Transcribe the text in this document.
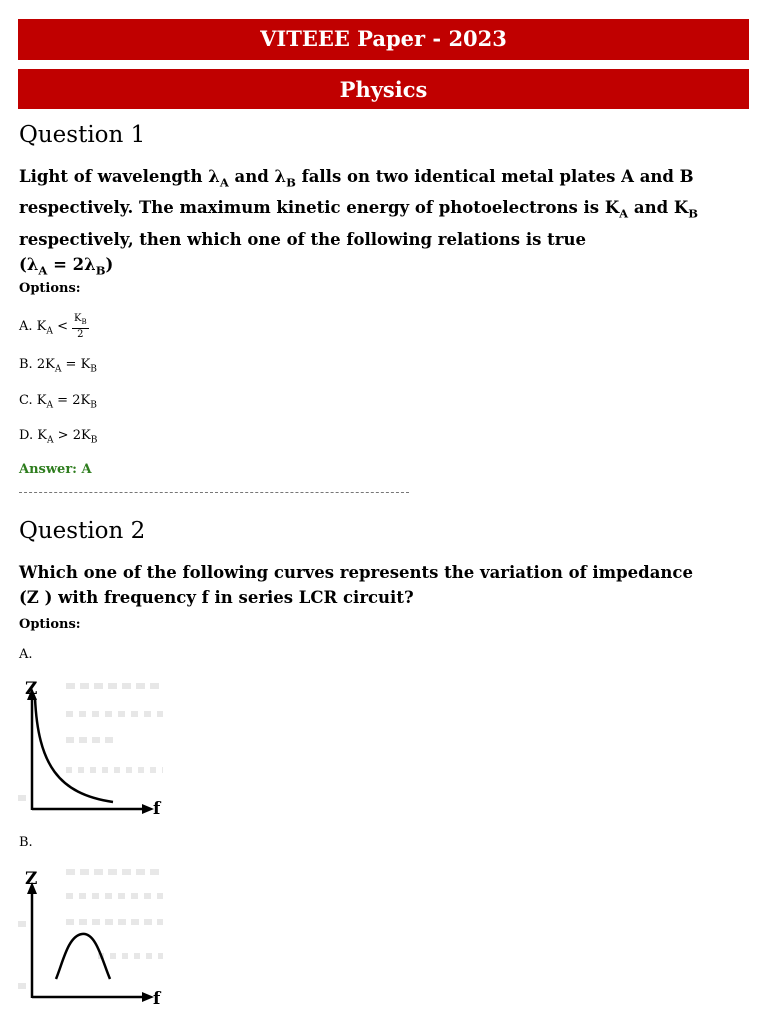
VITEEE Paper - 2023
Physics
Question 1
Light of wavelength $\lambda_A$ and $\lambda_B$ falls on two identical metal plates A and B respectively. The maximum kinetic energy of photoelectrons is $K_A$ and $K_B$ respectively, then which one of the following relations is true
$(\lambda_A = 2\lambda_B)$
Options:
A. $K_A < \frac{K_B}{2}$
B. $2K_A = K_B$
C. $K_A = 2K_B$
D. $K_A > 2K_B$
Answer: A
Question 2
Which one of the following curves represents the variation of impedance
(Z ) with frequency f in series LCR circuit?
Options:
A.
Z
f
B.
Z
f
